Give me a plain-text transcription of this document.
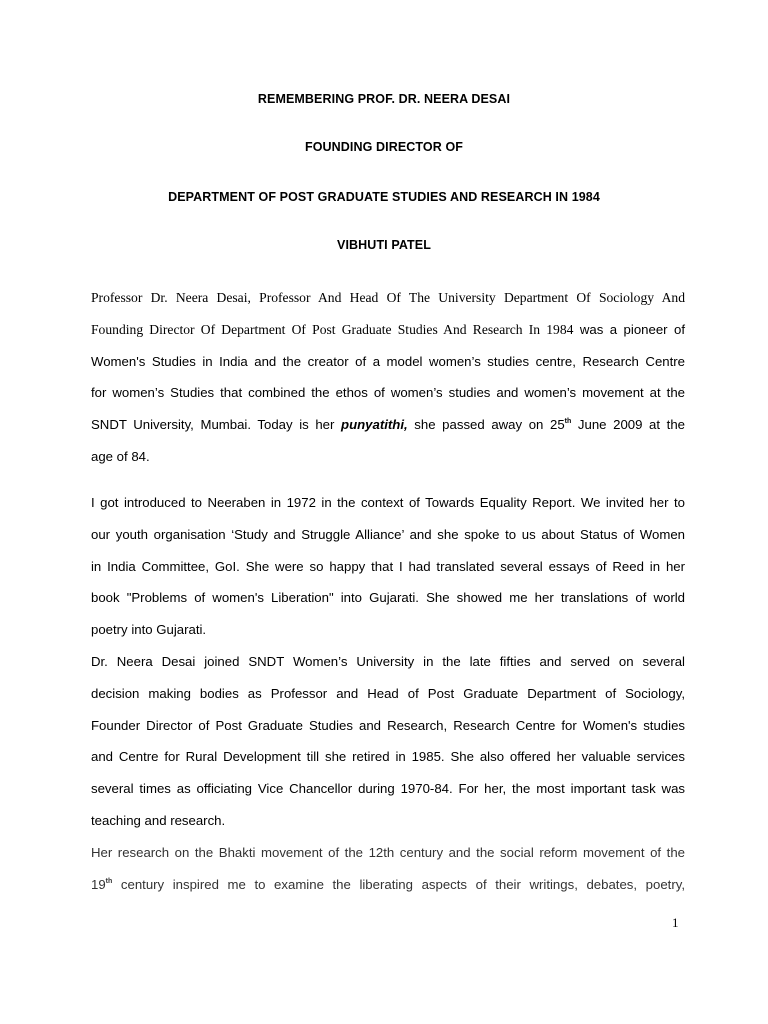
REMEMBERING PROF. DR. NEERA DESAI
FOUNDING DIRECTOR OF
DEPARTMENT OF POST GRADUATE STUDIES AND RESEARCH IN 1984
VIBHUTI PATEL
Professor Dr. Neera Desai, Professor And Head Of The University Department Of Sociology And
Founding Director Of Department Of Post Graduate Studies And Research In 1984 was a pioneer of
Women's Studies in India and the creator of a model women’s studies centre, Research Centre
for women’s Studies that combined the ethos of women’s studies and women’s movement at the
SNDT University, Mumbai. Today is her punyatithi, she passed away on 25th June 2009 at the
age of 84.
I got introduced to Neeraben in 1972 in the context of Towards Equality Report. We invited her to
our youth organisation ‘Study and Struggle Alliance’ and she spoke to us about Status of Women
in India Committee, GoI. She were so happy that I had translated several essays of Reed in her
book "Problems of women's Liberation" into Gujarati. She showed me her translations of world
poetry into Gujarati.
Dr. Neera Desai joined SNDT Women’s University in the late fifties and served on several
decision making bodies as Professor and Head of Post Graduate Department of Sociology,
Founder Director of Post Graduate Studies and Research, Research Centre for Women's studies
and Centre for Rural Development till she retired in 1985. She also offered her valuable services
several times as officiating Vice Chancellor during 1970-84. For her, the most important task was
teaching and research.
Her research on the Bhakti movement of the 12th century and the social reform movement of the
19th century inspired me to examine the liberating aspects of their writings, debates, poetry,
1
